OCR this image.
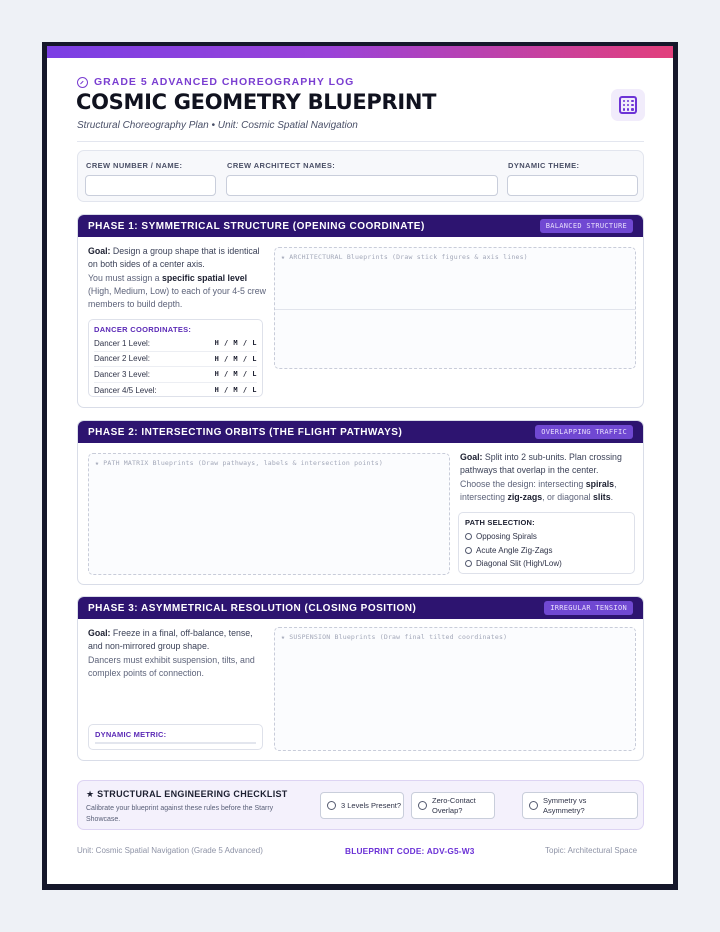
GRADE 5 ADVANCED CHOREOGRAPHY LOG
COSMIC GEOMETRY BLUEPRINT
Structural Choreography Plan • Unit: Cosmic Spatial Navigation
CREW NUMBER / NAME:	CREW ARCHITECT NAMES:	DYNAMIC THEME:
PHASE 1: SYMMETRICAL STRUCTURE (OPENING COORDINATE)	BALANCED STRUCTURE
Goal: Design a group shape that is identical on both sides of a center axis.
You must assign a specific spatial level (High, Medium, Low) to each of your 4-5 crew members to build depth.
DANCER COORDINATES:
Dancer 1 Level:	H / M / L
Dancer 2 Level:	H / M / L
Dancer 3 Level:	H / M / L
Dancer 4/5 Level:	H / M / L
★ ARCHITECTURAL Blueprints (Draw stick figures & axis lines)
PHASE 2: INTERSECTING ORBITS (THE FLIGHT PATHWAYS)	OVERLAPPING TRAFFIC
★ PATH MATRIX Blueprints (Draw pathways, labels & intersection points)
Goal: Split into 2 sub-units. Plan crossing pathways that overlap in the center.
Choose the design: intersecting spirals, intersecting zig-zags, or diagonal slits.
PATH SELECTION:
Opposing Spirals
Acute Angle Zig-Zags
Diagonal Slit (High/Low)
PHASE 3: ASYMMETRICAL RESOLUTION (CLOSING POSITION)	IRREGULAR TENSION
Goal: Freeze in a final, off-balance, tense, and non-mirrored group shape.
Dancers must exhibit suspension, tilts, and complex points of connection.
DYNAMIC METRIC:
★ SUSPENSION Blueprints (Draw final tilted coordinates)
★ STRUCTURAL ENGINEERING CHECKLIST
Calibrate your blueprint against these rules before the Starry Showcase.
3 Levels Present?
Zero-Contact Overlap?
Symmetry vs Asymmetry?
Unit: Cosmic Spatial Navigation (Grade 5 Advanced)	BLUEPRINT CODE: ADV-G5-W3	Topic: Architectural Space
